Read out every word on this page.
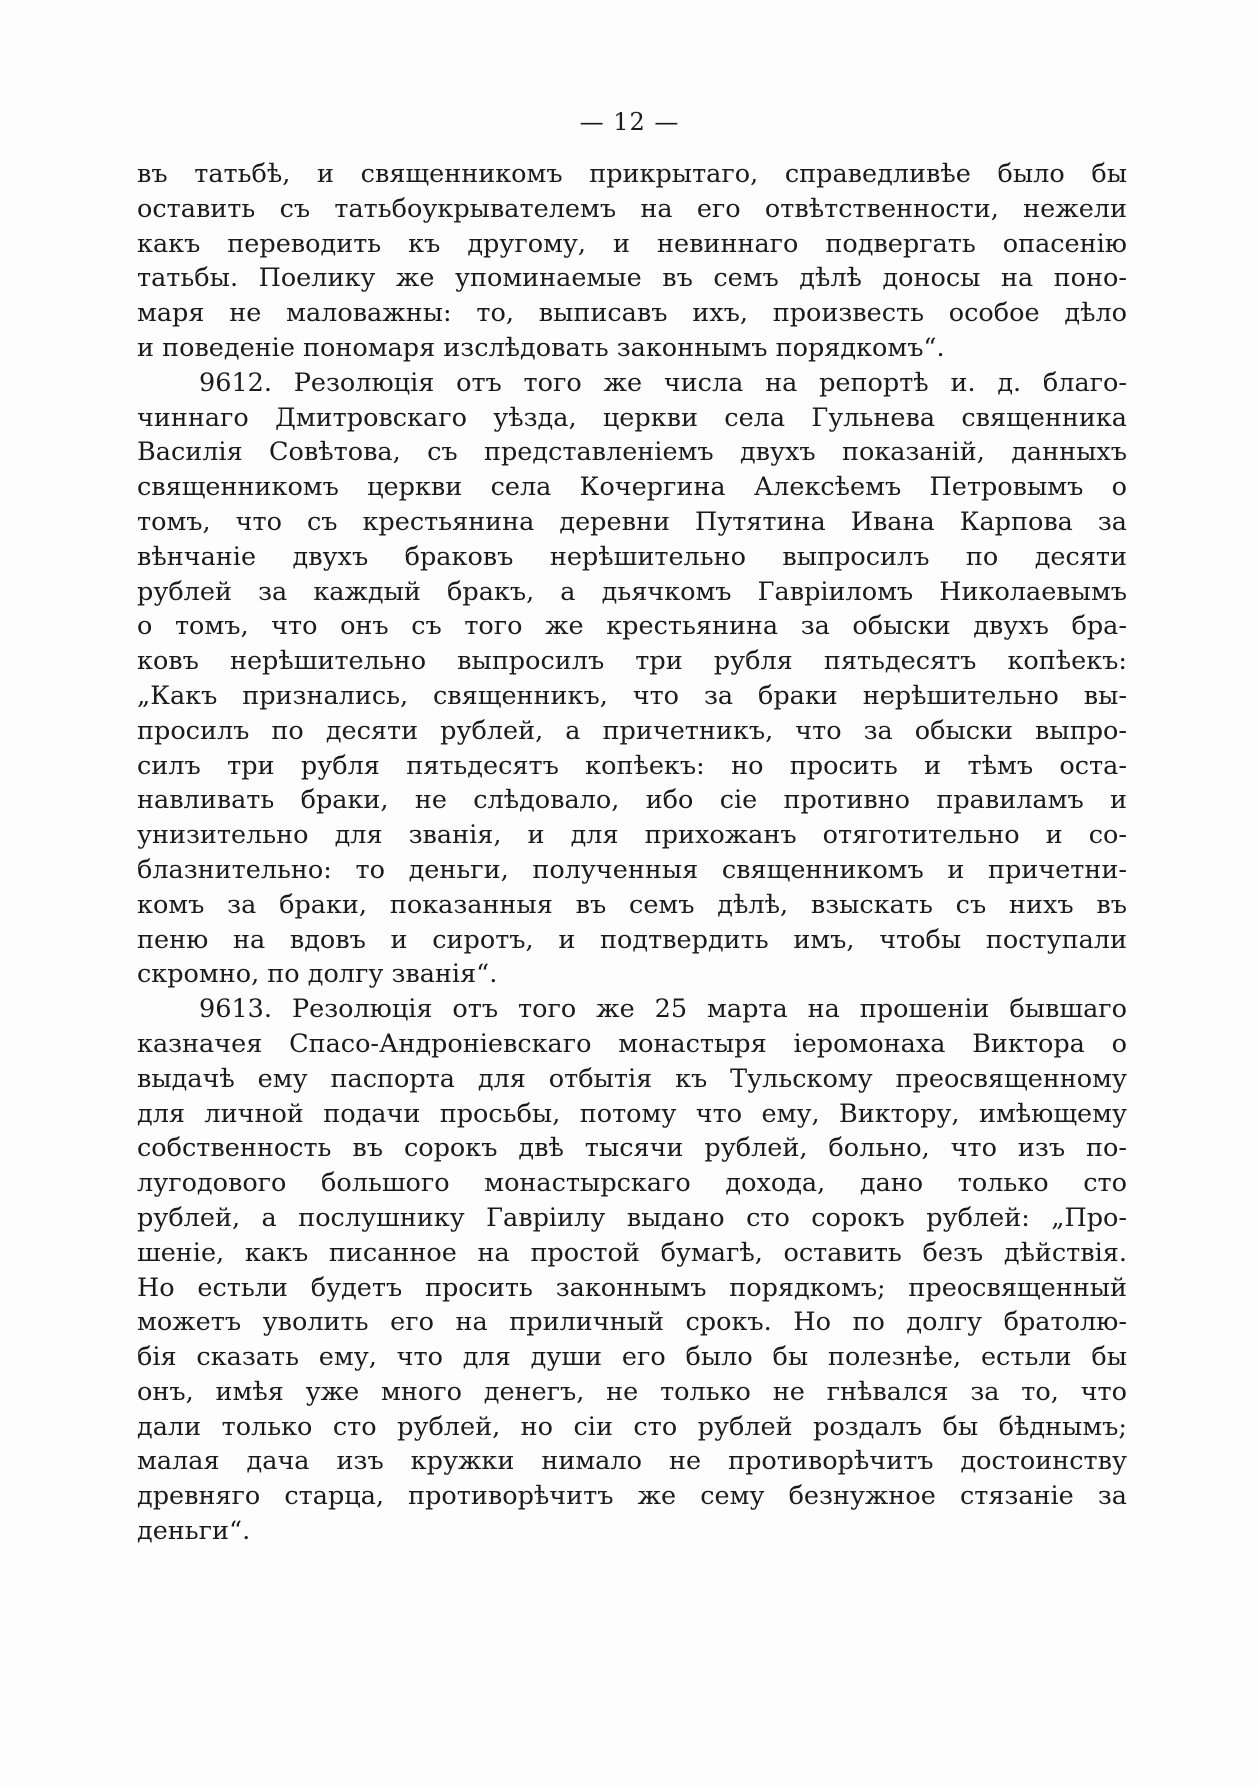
— 12 —
въ татьбѣ, и священникомъ прикрытаго, справедливѣе было бы
оставить съ татьбоукрывателемъ на его отвѣтственности, нежели
какъ переводить къ другому, и невиннаго подвергать опасенію
татьбы. Поелику же упоминаемые въ семъ дѣлѣ доносы на поно-
маря не маловажны: то, выписавъ ихъ, произвесть особое дѣло
и поведеніе пономаря изслѣдовать законнымъ порядкомъ“.
9612. Резолюція отъ того же числа на репортѣ и. д. благо-
чиннаго Дмитровскаго уѣзда, церкви села Гульнева священника
Василія Совѣтова, съ представленіемъ двухъ показаній, данныхъ
священникомъ церкви села Кочергина Алексѣемъ Петровымъ о
томъ, что съ крестьянина деревни Путятина Ивана Карпова за
вѣнчаніе двухъ браковъ нерѣшительно выпросилъ по десяти
рублей за каждый бракъ, а дьячкомъ Гавріиломъ Николаевымъ
о томъ, что онъ съ того же крестьянина за обыски двухъ бра-
ковъ нерѣшительно выпросилъ три рубля пятьдесятъ копѣекъ:
„Какъ признались, священникъ, что за браки нерѣшительно вы-
просилъ по десяти рублей, а причетникъ, что за обыски выпро-
силъ три рубля пятьдесятъ копѣекъ: но просить и тѣмъ оста-
навливать браки, не слѣдовало, ибо сіе противно правиламъ и
унизительно для званія, и для прихожанъ отяготительно и со-
блазнительно: то деньги, полученныя священникомъ и причетни-
комъ за браки, показанныя въ семъ дѣлѣ, взыскать съ нихъ въ
пеню на вдовъ и сиротъ, и подтвердить имъ, чтобы поступали
скромно, по долгу званія“.
9613. Резолюція отъ того же 25 марта на прошеніи бывшаго
казначея Спасо-Андроніевскаго монастыря іеромонаха Виктора о
выдачѣ ему паспорта для отбытія къ Тульскому преосвященному
для личной подачи просьбы, потому что ему, Виктору, имѣющему
собственность въ сорокъ двѣ тысячи рублей, больно, что изъ по-
лугодового большого монастырскаго дохода, дано только сто
рублей, а послушнику Гавріилу выдано сто сорокъ рублей: „Про-
шеніе, какъ писанное на простой бумагѣ, оставить безъ дѣйствія.
Но естьли будетъ просить законнымъ порядкомъ; преосвященный
можетъ уволить его на приличный срокъ. Но по долгу братолю-
бія сказать ему, что для души его было бы полезнѣе, естьли бы
онъ, имѣя уже много денегъ, не только не гнѣвался за то, что
дали только сто рублей, но сіи сто рублей роздалъ бы бѣднымъ;
малая дача изъ кружки нимало не противорѣчитъ достоинству
древняго старца, противорѣчитъ же сему безнужное стязаніе за
деньги“.
